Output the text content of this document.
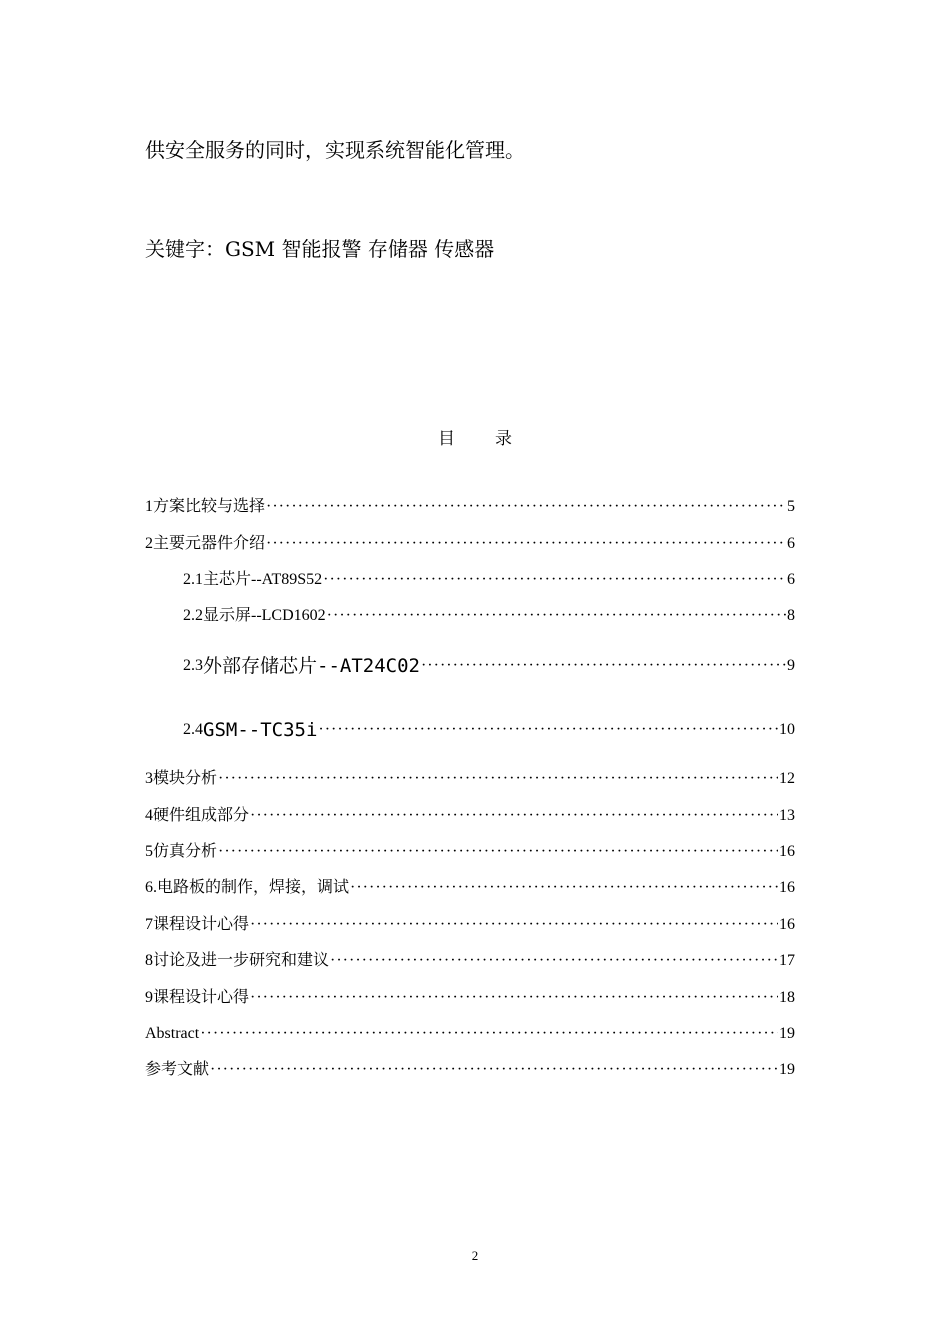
供安全服务的同时，实现系统智能化管理。
关键字：GSM 智能报警 存储器 传感器
目 录
1 方案比较与选择 ·····	5
2 主要元器件介绍 ·····	6
2.1 主芯片--AT89S52 ·····	6
2.2 显示屏--LCD1602 ·····	8
2.3 外部存储芯片--AT24C02 ·····	9
2.4 GSM--TC35i ·····	10
3 模块分析 ·····	12
4 硬件组成部分 ·····	13
5 仿真分析 ·····	16
6. 电路板的制作，焊接，调试 ·····	16
7 课程设计心得 ·····	16
8 讨论及进一步研究和建议 ·····	17
9 课程设计心得 ·····	18
Abstract ·····	19
参考文献 ·····	19
2
